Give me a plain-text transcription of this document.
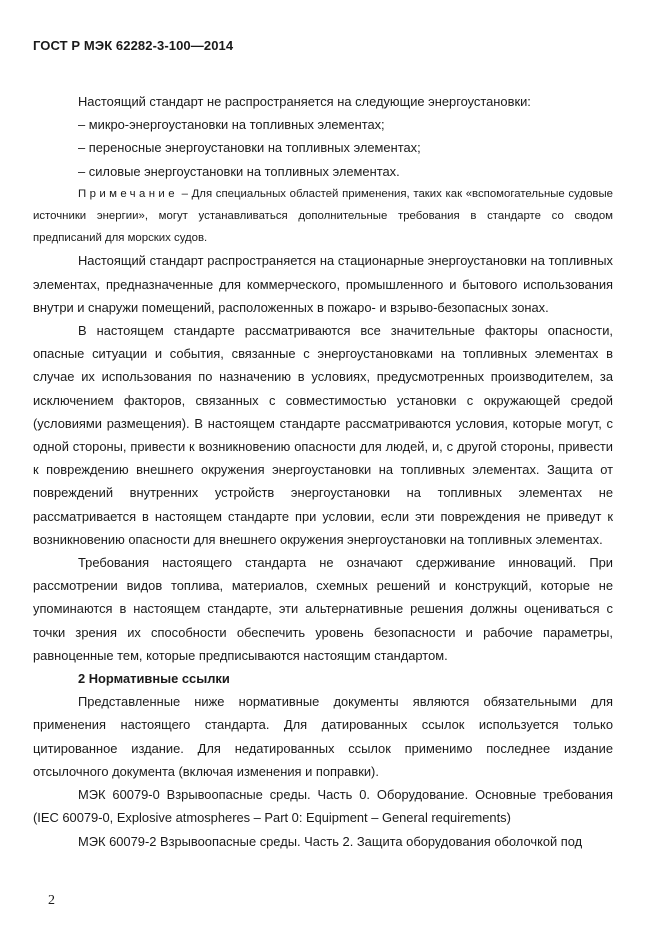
ГОСТ Р МЭК 62282-3-100—2014

Настоящий стандарт не распространяется на следующие энергоустановки:

– микро-энергоустановки на топливных элементах;

– переносные энергоустановки на топливных элементах;

– силовые энергоустановки на топливных элементах.

Примечание – Для специальных областей применения, таких как «вспомогательные судовые источники энергии», могут устанавливаться дополнительные требования в стандарте со сводом предписаний для морских судов.

Настоящий стандарт распространяется на стационарные энергоустановки на топливных элементах, предназначенные для коммерческого, промышленного и бытового использования внутри и снаружи помещений, расположенных в пожаро- и взрыво-безопасных зонах.

В настоящем стандарте рассматриваются все значительные факторы опасности, опасные ситуации и события, связанные с энергоустановками на топливных элементах в случае их использования по назначению в условиях, предусмотренных производителем, за исключением факторов, связанных с совместимостью установки с окружающей средой (условиями размещения). В настоящем стандарте рассматриваются условия, которые могут, с одной стороны, привести к возникновению опасности для людей, и, с другой стороны, привести к повреждению внешнего окружения энергоустановки на топливных элементах. Защита от повреждений внутренних устройств энергоустановки на топливных элементах не рассматривается в настоящем стандарте при условии, если эти повреждения не приведут к возникновению опасности для внешнего окружения энергоустановки на топливных элементах.

Требования настоящего стандарта не означают сдерживание инноваций. При рассмотрении видов топлива, материалов, схемных решений и конструкций, которые не упоминаются в настоящем стандарте, эти альтернативные решения должны оцениваться с точки зрения их способности обеспечить уровень безопасности и рабочие параметры, равноценные тем, которые предписываются настоящим стандартом.

2 Нормативные ссылки

Представленные ниже нормативные документы являются обязательными для применения настоящего стандарта. Для датированных ссылок используется только цитированное издание. Для недатированных ссылок применимо последнее издание отсылочного документа (включая изменения и поправки).

МЭК 60079-0 Взрывоопасные среды. Часть 0. Оборудование. Основные требования (IEC 60079-0, Explosive atmospheres – Part 0: Equipment – General requirements)

МЭК 60079-2 Взрывоопасные среды. Часть 2. Защита оборудования оболочкой под

2
